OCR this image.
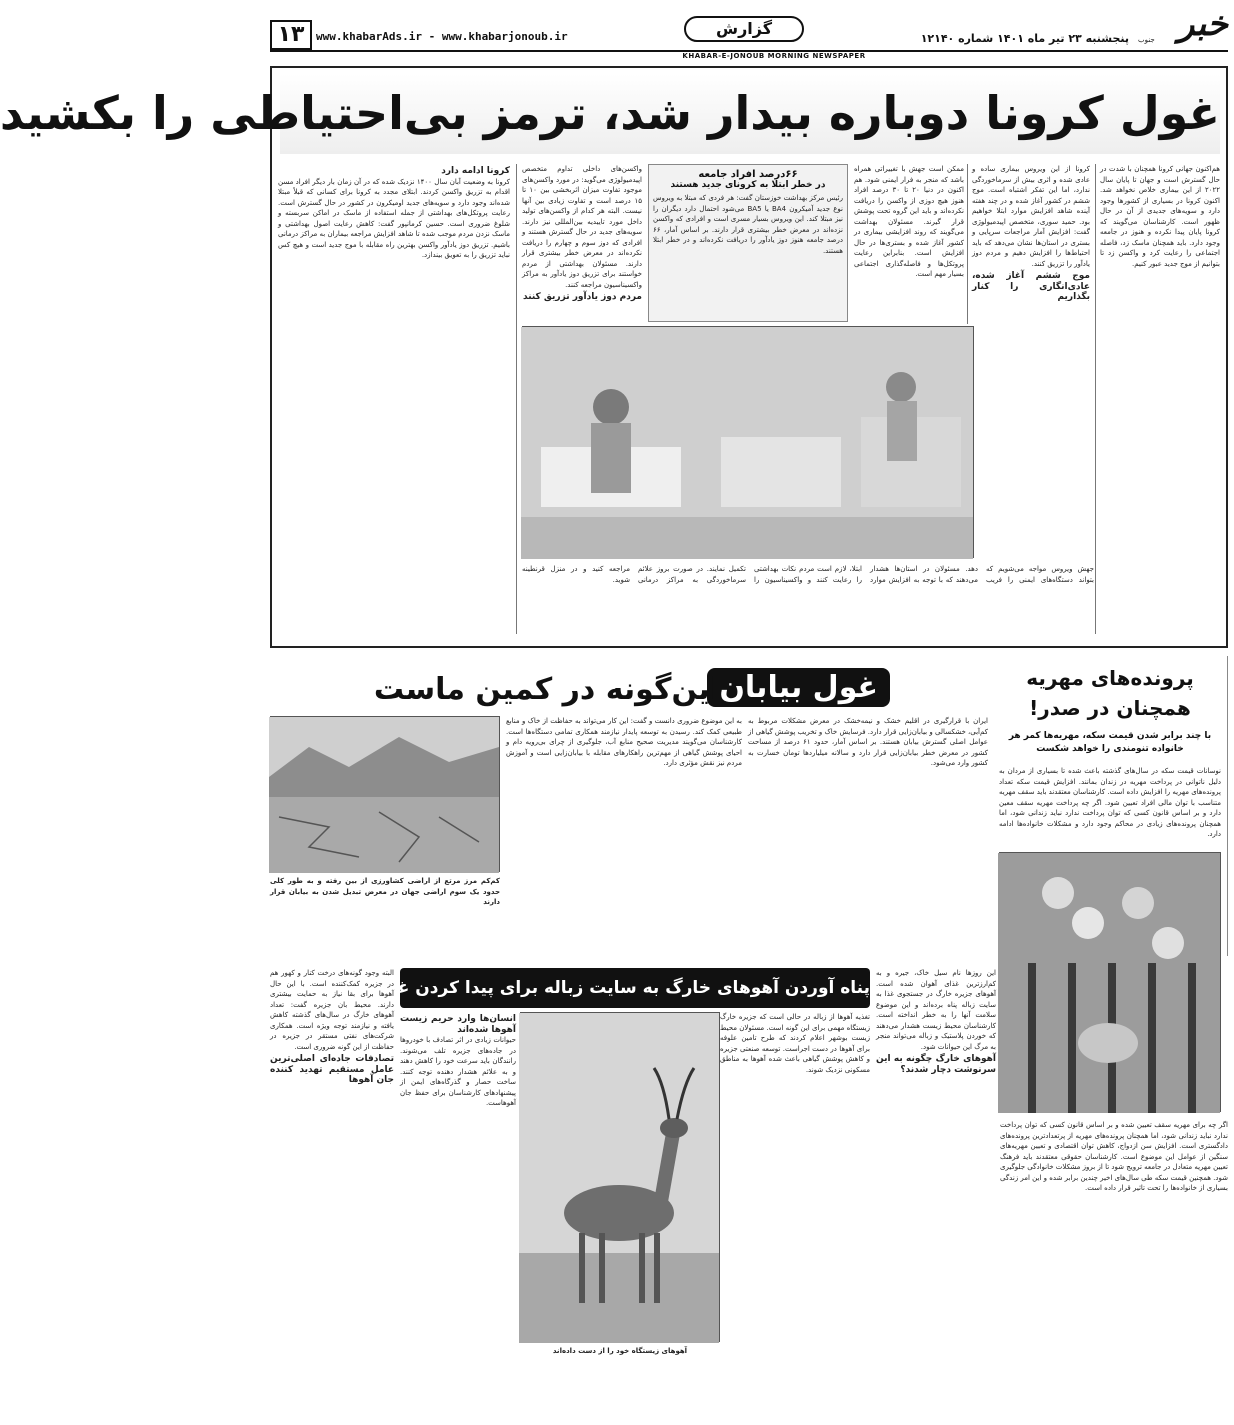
۱۳	www.khabarAds.ir - www.khabarjonoub.ir	گزارش
پنجشنبه ۲۳ تیر ماه ۱۴۰۱ شماره ۱۲۱۴۰	خبر
جنوب
KHABAR-E-JONOUB MORNING NEWSPAPER
غول کرونا دوباره بیدار شد، ترمز بی‌احتیاطی را بکشید
هم‌اکنون جهانی کرونا همچنان با شدت در حال گسترش است و جهان تا پایان سال ۲۰۲۲ از این بیماری خلاص نخواهد شد. اکنون کرونا در بسیاری از کشورها وجود دارد و سویه‌های جدیدی از آن در حال ظهور است. کارشناسان می‌گویند که کرونا پایان پیدا نکرده و هنوز در جامعه وجود دارد. باید همچنان ماسک زد، فاصله اجتماعی را رعایت کرد و واکسن زد تا بتوانیم از موج جدید عبور کنیم.
کرونا از این ویروس بیماری ساده و عادی شده و اثری بیش از سرماخوردگی ندارد، اما این تفکر اشتباه است. موج ششم در کشور آغاز شده و در چند هفته آینده شاهد افزایش موارد ابتلا خواهیم بود. حمید سوری، متخصص اپیدمیولوژی گفت: افزایش آمار مراجعات سرپایی و بستری در استان‌ها نشان می‌دهد که باید احتیاط‌ها را افزایش دهیم و مردم دوز یادآور را تزریق کنند.
موج ششم آغاز شده، عادی‌انگاری را کنار بگذاریم
ممکن است جهش با تغییراتی همراه باشد که منجر به فرار ایمنی شود. هم اکنون در دنیا ۲۰ تا ۳۰ درصد افراد هنوز هیچ دوزی از واکسن را دریافت نکرده‌اند و باید این گروه تحت پوشش قرار گیرند. مسئولان بهداشت می‌گویند که روند افزایشی بیماری در کشور آغاز شده و بستری‌ها در حال افزایش است. بنابراین رعایت پروتکل‌ها و فاصله‌گذاری اجتماعی بسیار مهم است.
۶۶درصد افراد جامعه
در خطر ابتلا به کرونای جدید هستند
رئیس مرکز بهداشت خوزستان گفت: هر فردی که مبتلا به ویروس نوع جدید آمیکرون BA4 یا BA5 می‌شود احتمال دارد دیگران را نیز مبتلا کند. این ویروس بسیار مسری است و افرادی که واکسن نزده‌اند در معرض خطر بیشتری قرار دارند. بر اساس آمار، ۶۶ درصد جامعه هنوز دوز یادآور را دریافت نکرده‌اند و در خطر ابتلا هستند.
واکسن‌های داخلی تداوم متخصص اپیدمیولوژی می‌گوید: در مورد واکسن‌های موجود تفاوت میزان اثربخشی بین ۱۰ تا ۱۵ درصد است و تفاوت زیادی بین آنها نیست. البته هر کدام از واکسن‌های تولید داخل مورد تاییدیه بین‌المللی نیز دارند. سویه‌های جدید در حال گسترش هستند و افرادی که دوز سوم و چهارم را دریافت نکرده‌اند در معرض خطر بیشتری قرار دارند. مسئولان بهداشتی از مردم خواستند برای تزریق دوز یادآور به مراکز واکسیناسیون مراجعه کنند.
مردم دوز یادآور تزریق کنند
کرونا ادامه دارد
کرونا به وضعیت آبان سال ۱۴۰۰ نزدیک شده که در آن زمان بار دیگر افراد مسن اقدام به تزریق واکسن کردند. ابتلای مجدد به کرونا برای کسانی که قبلاً مبتلا شده‌اند وجود دارد و سویه‌های جدید اومیکرون در کشور در حال گسترش است. رعایت پروتکل‌های بهداشتی از جمله استفاده از ماسک در اماکن سربسته و شلوغ ضروری است. حسین کرمانپور گفت: کاهش رعایت اصول بهداشتی و ماسک نزدن مردم موجب شده تا شاهد افزایش مراجعه بیماران به مراکز درمانی باشیم. تزریق دوز یادآور واکسن بهترین راه مقابله با موج جدید است و هیچ کس نباید تزریق را به تعویق بیندازد.
جهش ویروس مواجه می‌شویم که بتواند دستگاه‌های ایمنی را فریب دهد. مسئولان در استان‌ها هشدار می‌دهند که با توجه به افزایش موارد ابتلا، لازم است مردم نکات بهداشتی را رعایت کنند و واکسیناسیون را تکمیل نمایند. در صورت بروز علائم سرماخوردگی به مراکز درمانی مراجعه کنید و در منزل قرنطینه شوید.
غول بیابان
این‌گونه در کمین ماست
کم‌کم مرز مرتع از اراضی کشاورزی از بین رفته و به طور کلی حدود یک سوم اراضی جهان در معرض تبدیل شدن به بیابان قرار دارند
ایران با قرارگیری در اقلیم خشک و نیمه‌خشک در معرض مشکلات مربوط به کم‌آبی، خشکسالی و بیابان‌زایی قرار دارد. فرسایش خاک و تخریب پوشش گیاهی از عوامل اصلی گسترش بیابان هستند. بر اساس آمار، حدود ۶۱ درصد از مساحت کشور در معرض خطر بیابان‌زایی قرار دارد و سالانه میلیاردها تومان خسارت به کشور وارد می‌شود.
به این موضوع ضروری دانست و گفت: این کار می‌تواند به حفاظت از خاک و منابع طبیعی کمک کند. رسیدن به توسعه پایدار نیازمند همکاری تمامی دستگاه‌ها است. کارشناسان می‌گویند مدیریت صحیح منابع آب، جلوگیری از چرای بی‌رویه دام و احیای پوشش گیاهی از مهم‌ترین راهکارهای مقابله با بیابان‌زایی است و آموزش مردم نیز نقش مؤثری دارد.
پرونده‌های مهریه
همچنان در صدر!
با چند برابر شدن قیمت سکه، مهریه‌ها کمر هر خانواده تنومندی را خواهد شکست
نوسانات قیمت سکه در سال‌های گذشته باعث شده تا بسیاری از مردان به دلیل ناتوانی در پرداخت مهریه در زندان بمانند. افزایش قیمت سکه تعداد پرونده‌های مهریه را افزایش داده است. کارشناسان معتقدند باید سقف مهریه متناسب با توان مالی افراد تعیین شود. اگر چه پرداخت مهریه سقف معین دارد و بر اساس قانون کسی که توان پرداخت ندارد نباید زندانی شود، اما همچنان پرونده‌های زیادی در محاکم وجود دارد و مشکلات خانواده‌ها ادامه دارد.
پناه آوردن آهوهای خارگ به سایت زباله برای پیدا کردن غذا
این روزها نام سیل خاک، جیره و به کم‌ارزترین غذای آهوان شده است. آهوهای جزیره خارگ در جستجوی غذا به سایت زباله پناه برده‌اند و این موضوع سلامت آنها را به خطر انداخته است. کارشناسان محیط زیست هشدار می‌دهند که خوردن پلاستیک و زباله می‌تواند منجر به مرگ این حیوانات شود.
آهوهای خارگ چگونه به این سرنوشت دچار شدند؟
تغذیه آهوها از زباله در حالی است که جزیره خارگ زیستگاه مهمی برای این گونه است. مسئولان محیط زیست بوشهر اعلام کردند که طرح تامین علوفه برای آهوها در دست اجراست. توسعه صنعتی جزیره و کاهش پوشش گیاهی باعث شده آهوها به مناطق مسکونی نزدیک شوند.
آهوهای زیستگاه خود را از دست داده‌اند
انسان‌ها وارد حریم زیست آهوها شده‌اند
حیوانات زیادی در اثر تصادف با خودروها در جاده‌های جزیره تلف می‌شوند. رانندگان باید سرعت خود را کاهش دهند و به علائم هشدار دهنده توجه کنند. ساخت حصار و گذرگاه‌های ایمن از پیشنهادهای کارشناسان برای حفظ جان آهوهاست.
البته وجود گونه‌های درخت کنار و کهور هم در جزیره کمک‌کننده است. با این حال آهوها برای بقا نیاز به حمایت بیشتری دارند. محیط بان جزیره گفت: تعداد آهوهای خارگ در سال‌های گذشته کاهش یافته و نیازمند توجه ویژه است. همکاری شرکت‌های نفتی مستقر در جزیره در حفاظت از این گونه ضروری است.
تصادفات جاده‌ای اصلی‌ترین عامل مستقیم تهدید کننده جان آهوها
اگر چه برای مهریه سقف تعیین شده و بر اساس قانون کسی که توان پرداخت ندارد نباید زندانی شود، اما همچنان پرونده‌های مهریه از پرتعدادترین پرونده‌های دادگستری است. افزایش سن ازدواج، کاهش توان اقتصادی و تعیین مهریه‌های سنگین از عوامل این موضوع است. کارشناسان حقوقی معتقدند باید فرهنگ تعیین مهریه متعادل در جامعه ترویج شود تا از بروز مشکلات خانوادگی جلوگیری شود. همچنین قیمت سکه طی سال‌های اخیر چندین برابر شده و این امر زندگی بسیاری از خانواده‌ها را تحت تاثیر قرار داده است.
